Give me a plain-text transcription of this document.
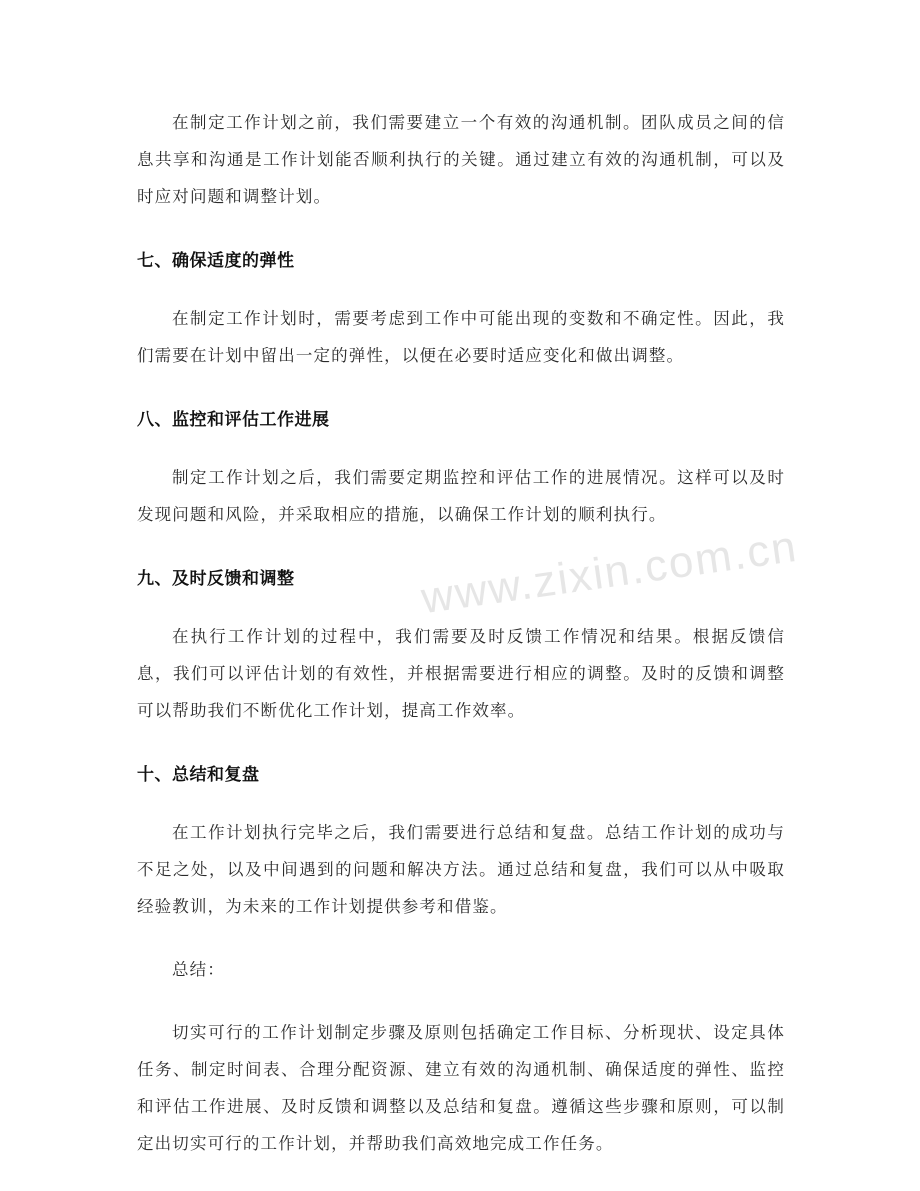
www.zixin.com.cn

在制定工作计划之前，我们需要建立一个有效的沟通机制。团队成员之间的信息共享和沟通是工作计划能否顺利执行的关键。通过建立有效的沟通机制，可以及时应对问题和调整计划。

七、确保适度的弹性

在制定工作计划时，需要考虑到工作中可能出现的变数和不确定性。因此，我们需要在计划中留出一定的弹性，以便在必要时适应变化和做出调整。

八、监控和评估工作进展

制定工作计划之后，我们需要定期监控和评估工作的进展情况。这样可以及时发现问题和风险，并采取相应的措施，以确保工作计划的顺利执行。

九、及时反馈和调整

在执行工作计划的过程中，我们需要及时反馈工作情况和结果。根据反馈信息，我们可以评估计划的有效性，并根据需要进行相应的调整。及时的反馈和调整可以帮助我们不断优化工作计划，提高工作效率。

十、总结和复盘

在工作计划执行完毕之后，我们需要进行总结和复盘。总结工作计划的成功与不足之处，以及中间遇到的问题和解决方法。通过总结和复盘，我们可以从中吸取经验教训，为未来的工作计划提供参考和借鉴。

总结：

切实可行的工作计划制定步骤及原则包括确定工作目标、分析现状、设定具体任务、制定时间表、合理分配资源、建立有效的沟通机制、确保适度的弹性、监控和评估工作进展、及时反馈和调整以及总结和复盘。遵循这些步骤和原则，可以制定出切实可行的工作计划，并帮助我们高效地完成工作任务。
